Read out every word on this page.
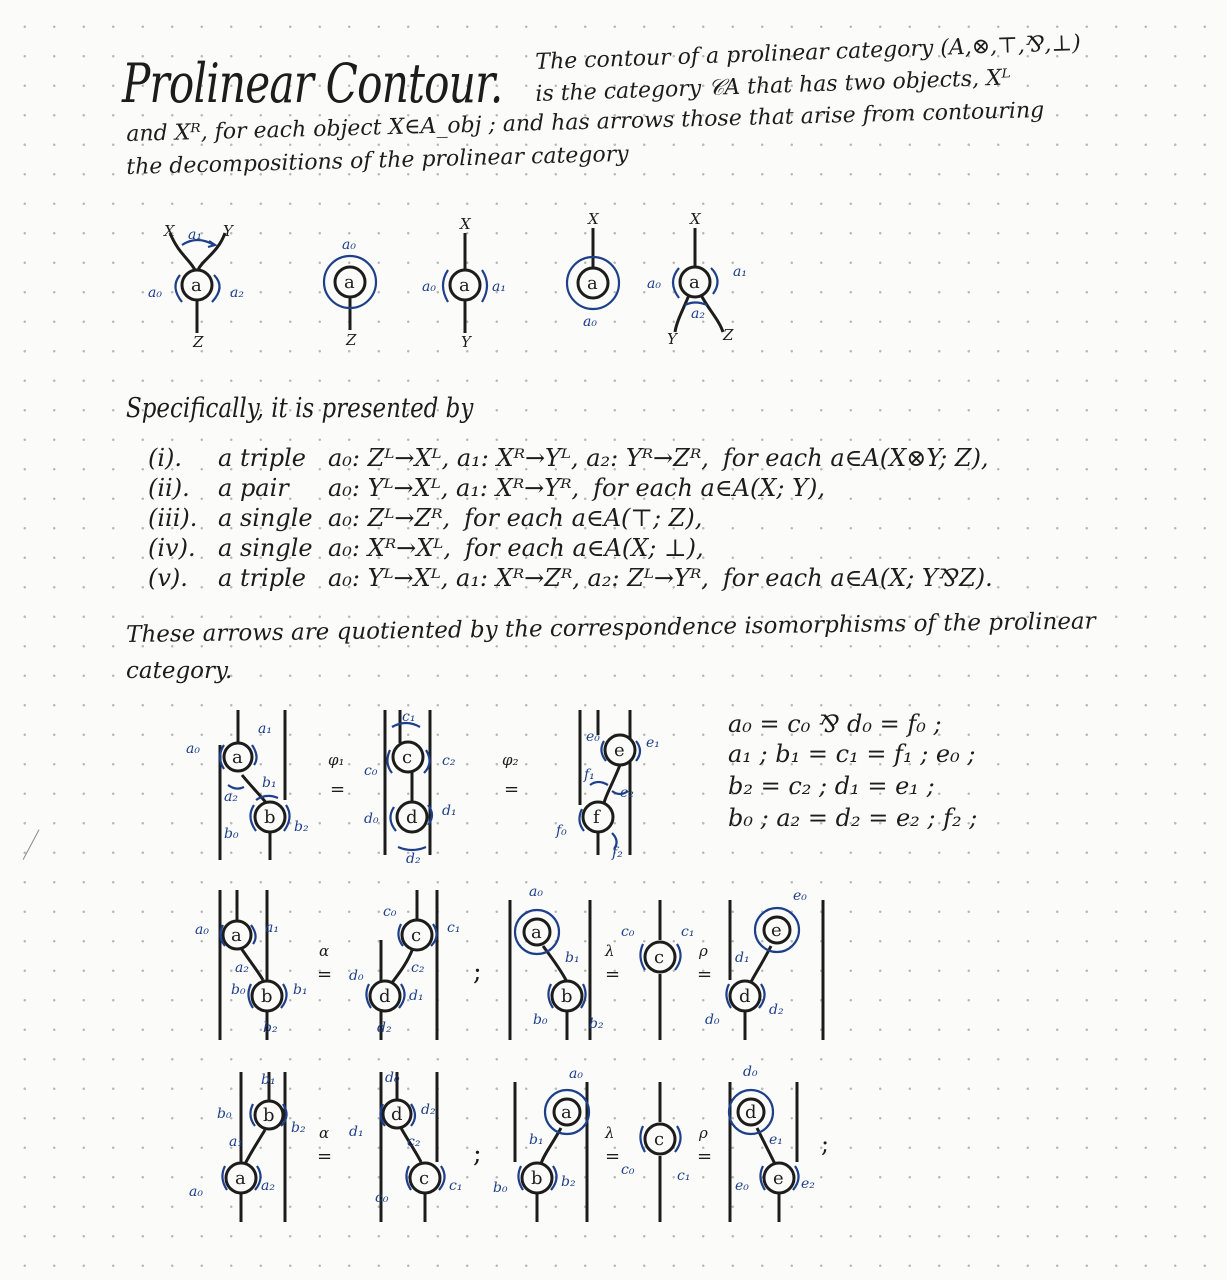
Prolinear Contour. The contour of a prolinear category (A,⊗,⊤,⅋,⊥)
is the category 𝒞A that has two objects, Xᴸ
and Xᴿ, for each object X∈A_obj ; and has arrows those that arise from contouring
the decompositions of the prolinear category
a
X	Y
Z
a₁
a₀	a₂	a
a₀
Z
a
X
Y
a₀	a₁	a
X
a₀
a
X
Y	Z
a₀
a₁
a₂
Specifically, it is presented by
(i). a triple a₀: Zᴸ→Xᴸ, a₁: Xᴿ→Yᴸ, a₂: Yᴿ→Zᴿ, for each a∈A(X⊗Y; Z),
(ii). a pair a₀: Yᴸ→Xᴸ, a₁: Xᴿ→Yᴿ, for each a∈A(X; Y),
(iii). a single a₀: Zᴸ→Zᴿ, for each a∈A(⊤; Z),
(iv). a single a₀: Xᴿ→Xᴸ, for each a∈A(X; ⊥),
(v). a triple a₀: Yᴸ→Xᴸ, a₁: Xᴿ→Zᴿ, a₂: Zᴸ→Yᴿ, for each a∈A(X; Y⅋Z).
These arrows are quotiented by the correspondence isomorphisms of the prolinear
category.
a
b
a₀
a₁
a₂
b₀
b₁
b₂
φ₁
=
c
d
c₁
c₀
c₂
d₀	d₁
d₂
φ₂
=
e
f
e₀	e₁
e₂
f₀
f₁
f₂
a₀ = c₀ ⅋ d₀ = f₀ ;
a₁ ; b₁ = c₁ = f₁ ; e₀ ;
b₂ = c₂ ; d₁ = e₁ ;
b₀ ; a₂ = d₂ = e₂ ; f₂ ;
a
b
a₀	a₁
a₂
b₀	b₁
b₂
α
=
c
d
c₀
c₁
c₂
d₀
d₁
d₂
;
a
b
a₀
b₁
b₀	b₂
λ
=
c
c₀	c₁
ρ
=
e
d
e₀
d₁
d₀
d₂
b
a
b₁
b₀
b₂
a₁
a₀	a₂
α
=
d
c
d₀
d₁
d₂
c₂
c₀
c₁
;
a
b
a₀
b₁
b₀	b₂
λ
=
c
c₀	c₁
ρ
=
d
e
d₀
e₁
e₀	e₂
;
